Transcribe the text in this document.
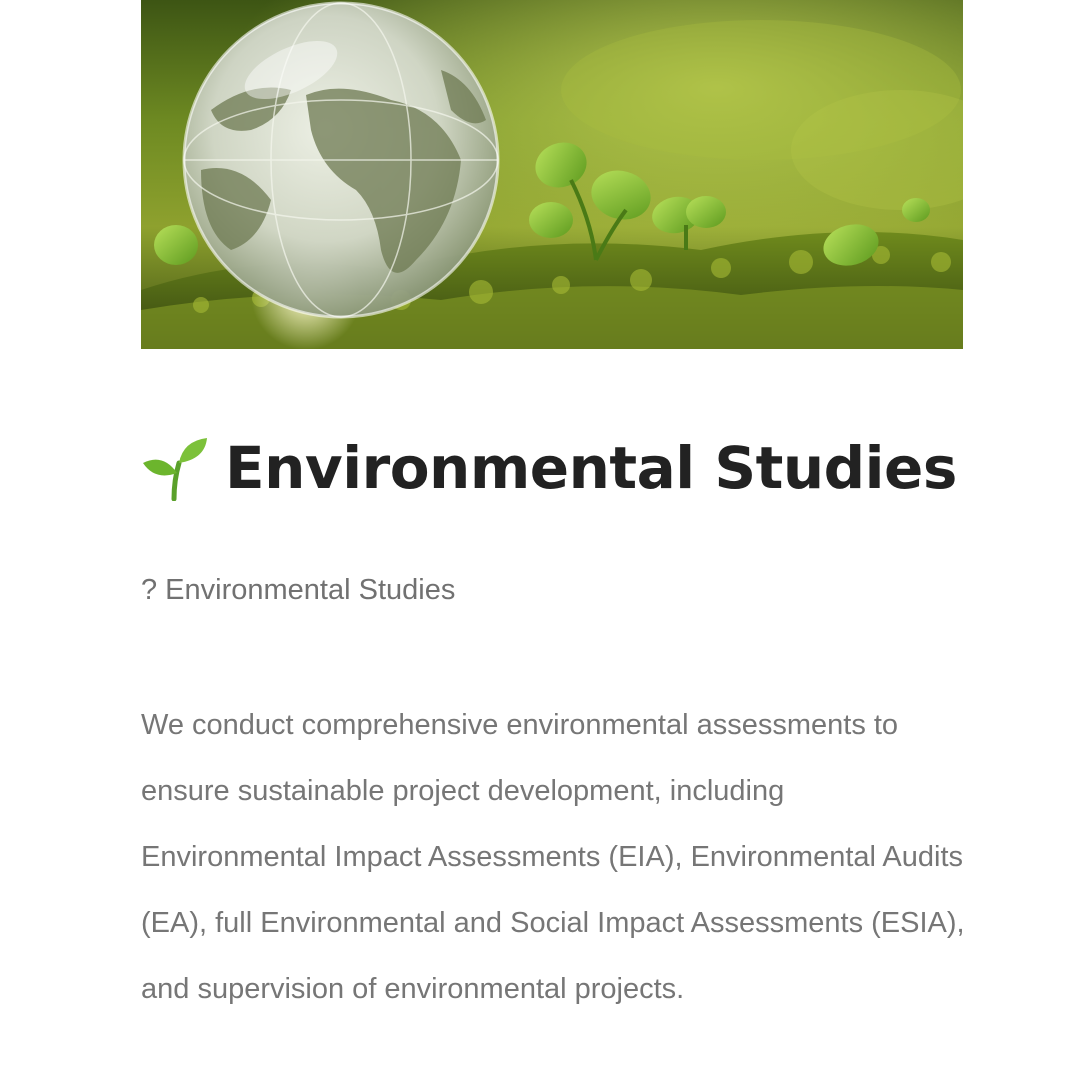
Environmental Studies
? Environmental Studies

We conduct comprehensive environmental assessments to ensure sustainable project development, including Environmental Impact Assessments (EIA), Environmental Audits (EA), full Environmental and Social Impact Assessments (ESIA), and supervision of environmental projects.
